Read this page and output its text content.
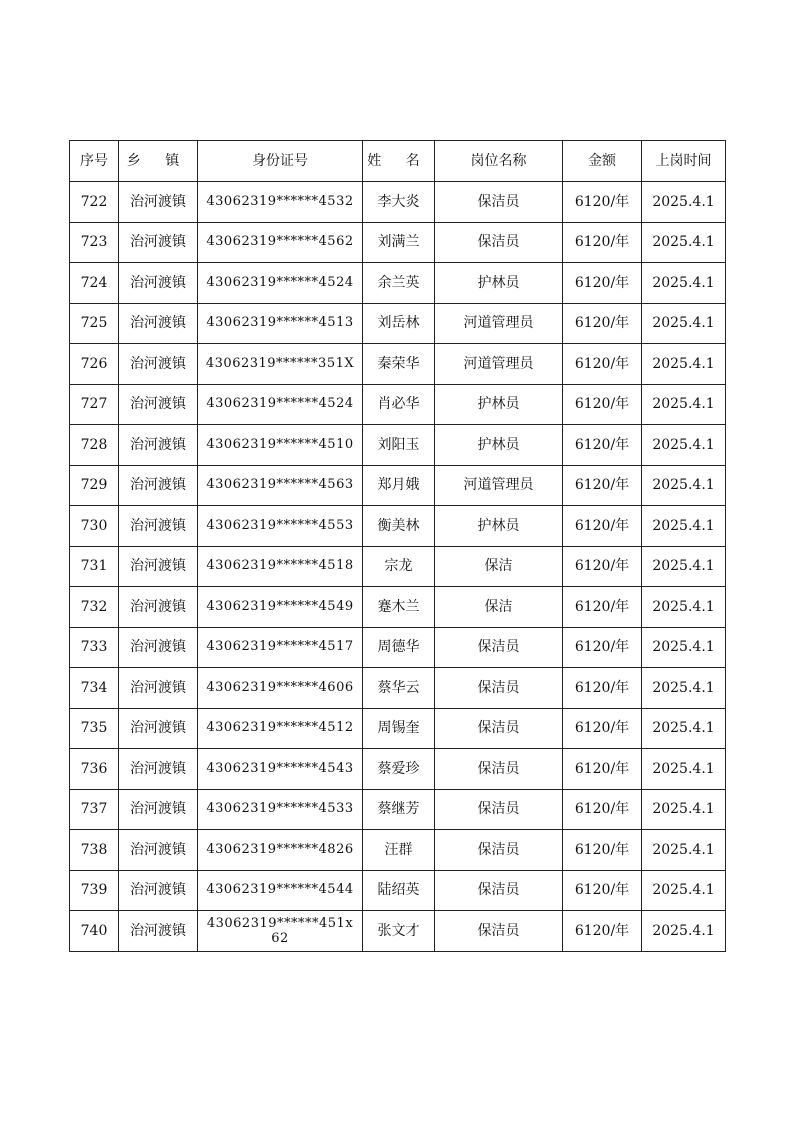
序号	乡 镇	身份证号	姓 名	岗位名称	金额	上岗时间
722	治河渡镇	43062319******4532	李大炎	保洁员	6120/年	2025.4.1
723	治河渡镇	43062319******4562	刘满兰	保洁员	6120/年	2025.4.1
724	治河渡镇	43062319******4524	余兰英	护林员	6120/年	2025.4.1
725	治河渡镇	43062319******4513	刘岳林	河道管理员	6120/年	2025.4.1
726	治河渡镇	43062319******351X	秦荣华	河道管理员	6120/年	2025.4.1
727	治河渡镇	43062319******4524	肖必华	护林员	6120/年	2025.4.1
728	治河渡镇	43062319******4510	刘阳玉	护林员	6120/年	2025.4.1
729	治河渡镇	43062319******4563	郑月娥	河道管理员	6120/年	2025.4.1
730	治河渡镇	43062319******4553	衡美林	护林员	6120/年	2025.4.1
731	治河渡镇	43062319******4518	宗龙	保洁	6120/年	2025.4.1
732	治河渡镇	43062319******4549	蹇木兰	保洁	6120/年	2025.4.1
733	治河渡镇	43062319******4517	周德华	保洁员	6120/年	2025.4.1
734	治河渡镇	43062319******4606	蔡华云	保洁员	6120/年	2025.4.1
735	治河渡镇	43062319******4512	周锡奎	保洁员	6120/年	2025.4.1
736	治河渡镇	43062319******4543	蔡爱珍	保洁员	6120/年	2025.4.1
737	治河渡镇	43062319******4533	蔡继芳	保洁员	6120/年	2025.4.1
738	治河渡镇	43062319******4826	汪群	保洁员	6120/年	2025.4.1
739	治河渡镇	43062319******4544	陆绍英	保洁员	6120/年	2025.4.1
740	治河渡镇	43062319******451x62	张文才	保洁员	6120/年	2025.4.1
